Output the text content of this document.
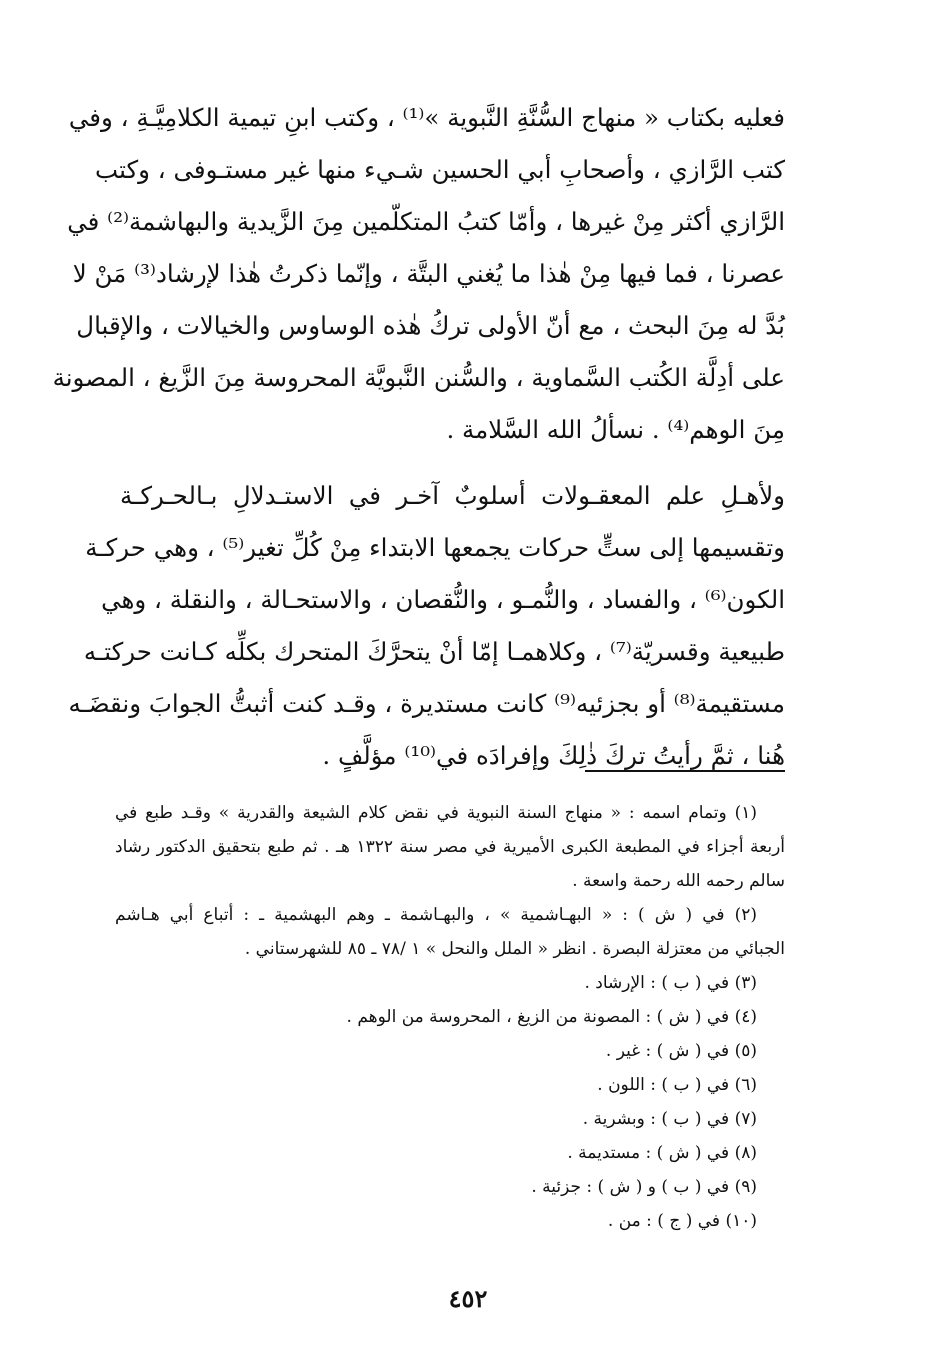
فعليه بكتاب « منهاج السُّنَّةِ النَّبوية »⁽¹⁾ ، وكتب ابنِ تيمية الكلامِيَّـةِ ، وفي
كتب الرَّازي ، وأصحابِ أبي الحسين شـيء منها غير مستـوفى ، وكتب
الرَّازي أكثر مِنْ غيرها ، وأمّا كتبُ المتكلّمين مِنَ الزَّيدية والبهاشمة⁽²⁾ في
عصرنا ، فما فيها مِنْ هٰذا ما يُغني البتَّة ، وإنّما ذكرتُ هٰذا لإرشاد⁽³⁾ مَنْ لا
بُدَّ له مِنَ البحث ، مع أنّ الأولى تركُ هٰذه الوساوس والخيالات ، والإقبال
على أدِلَّة الكُتب السَّماوية ، والسُّنن النَّبويَّة المحروسة مِنَ الزَّيغ ، المصونة
مِنَ الوهم⁽⁴⁾ . نسألُ الله السَّلامة .
ولأهـلِ علم المعقـولات أسلوبٌ آخـر في الاستـدلالِ بـالحـركـة
وتقسيمها إلى ستٍّ حركات يجمعها الابتداء مِنْ كُلِّ تغير⁽⁵⁾ ، وهي حركـة
الكون⁽⁶⁾ ، والفساد ، والنُّمـو ، والنُّقصان ، والاستحـالة ، والنقلة ، وهي
طبيعية وقسريّة⁽⁷⁾ ، وكلاهمـا إمّا أنْ يتحرَّكَ المتحرك بكلِّه كـانت حركتـه
مستقيمة⁽⁸⁾ أو بجزئيه⁽⁹⁾ كانت مستديرة ، وقـد كنت أثبتُّ الجوابَ ونقضَـه
هُنا ، ثمَّ رأيتُ تركَ ذٰلِكَ وإفرادَه في⁽¹⁰⁾ مؤلَّفٍ .
(١) وتمام اسمه : « منهاج السنة النبوية في نقض كلام الشيعة والقدرية » وقـد طبع في
أربعة أجزاء في المطبعة الكبرى الأميرية في مصر سنة ١٣٢٢ هـ . ثم طبع بتحقيق الدكتور رشاد
سالم رحمه الله رحمة واسعة .
(٢) في ( ش ) : « البهـاشمية » ، والبهـاشمة ـ وهم البهشمية ـ : أتباع أبي هـاشم
الجبائي من معتزلة البصرة . انظر « الملل والنحل » ١ /٧٨ ـ ٨٥ للشهرستاني .
(٣) في ( ب ) : الإرشاد .
(٤) في ( ش ) : المصونة من الزيغ ، المحروسة من الوهم .
(٥) في ( ش ) : غير .
(٦) في ( ب ) : اللون .
(٧) في ( ب ) : وبشرية .
(٨) في ( ش ) : مستديمة .
(٩) في ( ب ) و ( ش ) : جزئية .
(١٠) في ( ج ) : من .
٤٥٢
